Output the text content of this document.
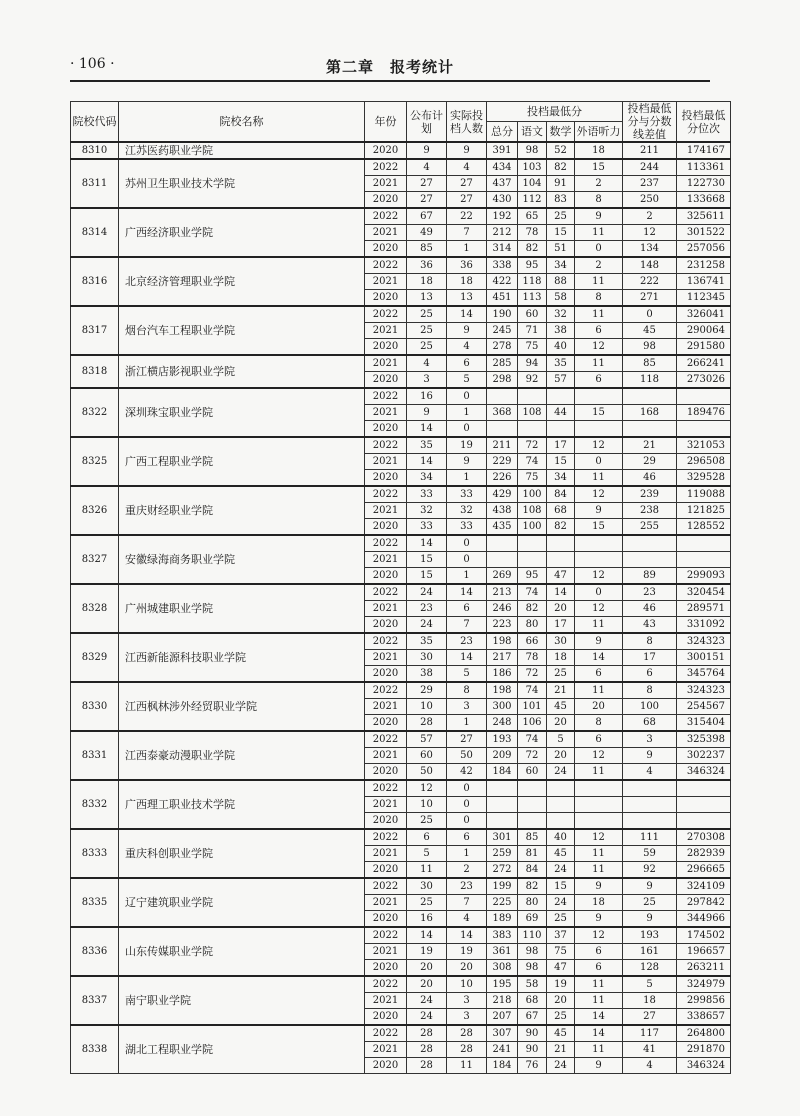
· 106 ·	第二章　报考统计
院校代码	院校名称	年份	公布计划	实际投档人数	投档最低分				投档最低分与分数线差值	投档最低分位次
					总分	语文	数学	外语听力		
8310	江苏医药职业学院	2020	9	9	391	98	52	18	211	174167
8311	苏州卫生职业技术学院	2022	4	4	434	103	82	15	244	113361
		2021	27	27	437	104	91	2	237	122730
		2020	27	27	430	112	83	8	250	133668
8314	广西经济职业学院	2022	67	22	192	65	25	9	2	325611
		2021	49	7	212	78	15	11	12	301522
		2020	85	1	314	82	51	0	134	257056
8316	北京经济管理职业学院	2022	36	36	338	95	34	2	148	231258
		2021	18	18	422	118	88	11	222	136741
		2020	13	13	451	113	58	8	271	112345
8317	烟台汽车工程职业学院	2022	25	14	190	60	32	11	0	326041
		2021	25	9	245	71	38	6	45	290064
		2020	25	4	278	75	40	12	98	291580
8318	浙江横店影视职业学院	2021	4	6	285	94	35	11	85	266241
		2020	3	5	298	92	57	6	118	273026
8322	深圳珠宝职业学院	2022	16	0						
		2021	9	1	368	108	44	15	168	189476
		2020	14	0						
8325	广西工程职业学院	2022	35	19	211	72	17	12	21	321053
		2021	14	9	229	74	15	0	29	296508
		2020	34	1	226	75	34	11	46	329528
8326	重庆财经职业学院	2022	33	33	429	100	84	12	239	119088
		2021	32	32	438	108	68	9	238	121825
		2020	33	33	435	100	82	15	255	128552
8327	安徽绿海商务职业学院	2022	14	0						
		2021	15	0						
		2020	15	1	269	95	47	12	89	299093
8328	广州城建职业学院	2022	24	14	213	74	14	0	23	320454
		2021	23	6	246	82	20	12	46	289571
		2020	24	7	223	80	17	11	43	331092
8329	江西新能源科技职业学院	2022	35	23	198	66	30	9	8	324323
		2021	30	14	217	78	18	14	17	300151
		2020	38	5	186	72	25	6	6	345764
8330	江西枫林涉外经贸职业学院	2022	29	8	198	74	21	11	8	324323
		2021	10	3	300	101	45	20	100	254567
		2020	28	1	248	106	20	8	68	315404
8331	江西泰豪动漫职业学院	2022	57	27	193	74	5	6	3	325398
		2021	60	50	209	72	20	12	9	302237
		2020	50	42	184	60	24	11	4	346324
8332	广西理工职业技术学院	2022	12	0						
		2021	10	0						
		2020	25	0						
8333	重庆科创职业学院	2022	6	6	301	85	40	12	111	270308
		2021	5	1	259	81	45	11	59	282939
		2020	11	2	272	84	24	11	92	296665
8335	辽宁建筑职业学院	2022	30	23	199	82	15	9	9	324109
		2021	25	7	225	80	24	18	25	297842
		2020	16	4	189	69	25	9	9	344966
8336	山东传媒职业学院	2022	14	14	383	110	37	12	193	174502
		2021	19	19	361	98	75	6	161	196657
		2020	20	20	308	98	47	6	128	263211
8337	南宁职业学院	2022	20	10	195	58	19	11	5	324979
		2021	24	3	218	68	20	11	18	299856
		2020	24	3	207	67	25	14	27	338657
8338	湖北工程职业学院	2022	28	28	307	90	45	14	117	264800
		2021	28	28	241	90	21	11	41	291870
		2020	28	11	184	76	24	9	4	346324
